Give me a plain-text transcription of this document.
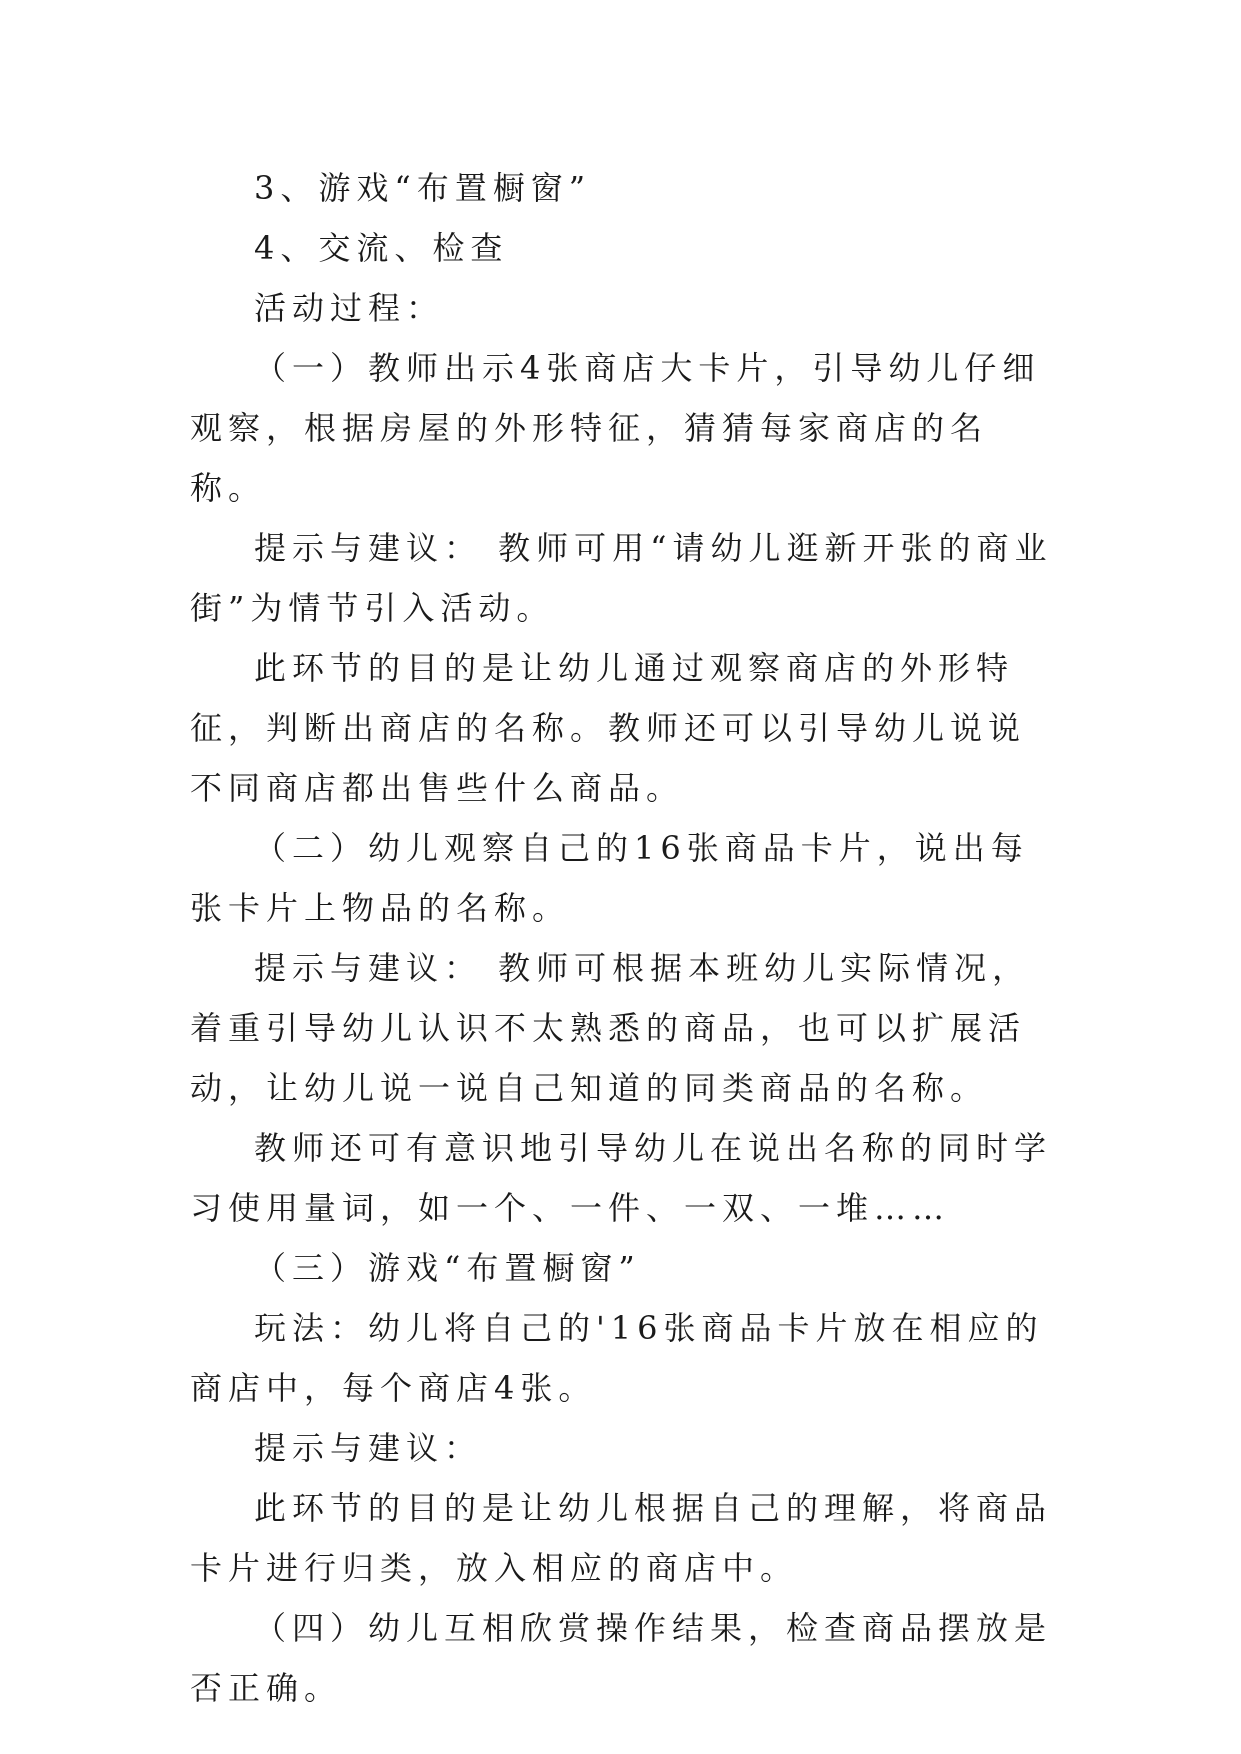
3、游戏“布置橱窗”

4、交流、检查

活动过程：

（一）教师出示4张商店大卡片，引导幼儿仔细观察，根据房屋的外形特征，猜猜每家商店的名称。

提示与建议： 教师可用“请幼儿逛新开张的商业街”为情节引入活动。

此环节的目的是让幼儿通过观察商店的外形特征，判断出商店的名称。教师还可以引导幼儿说说不同商店都出售些什么商品。

（二）幼儿观察自己的16张商品卡片，说出每张卡片上物品的名称。

提示与建议： 教师可根据本班幼儿实际情况，着重引导幼儿认识不太熟悉的商品，也可以扩展活动，让幼儿说一说自己知道的同类商品的名称。

教师还可有意识地引导幼儿在说出名称的同时学习使用量词，如一个、一件、一双、一堆……

（三）游戏“布置橱窗”

玩法：幼儿将自己的'16张商品卡片放在相应的商店中，每个商店4张。

提示与建议：

此环节的目的是让幼儿根据自己的理解，将商品卡片进行归类，放入相应的商店中。

（四）幼儿互相欣赏操作结果，检查商品摆放是否正确。
